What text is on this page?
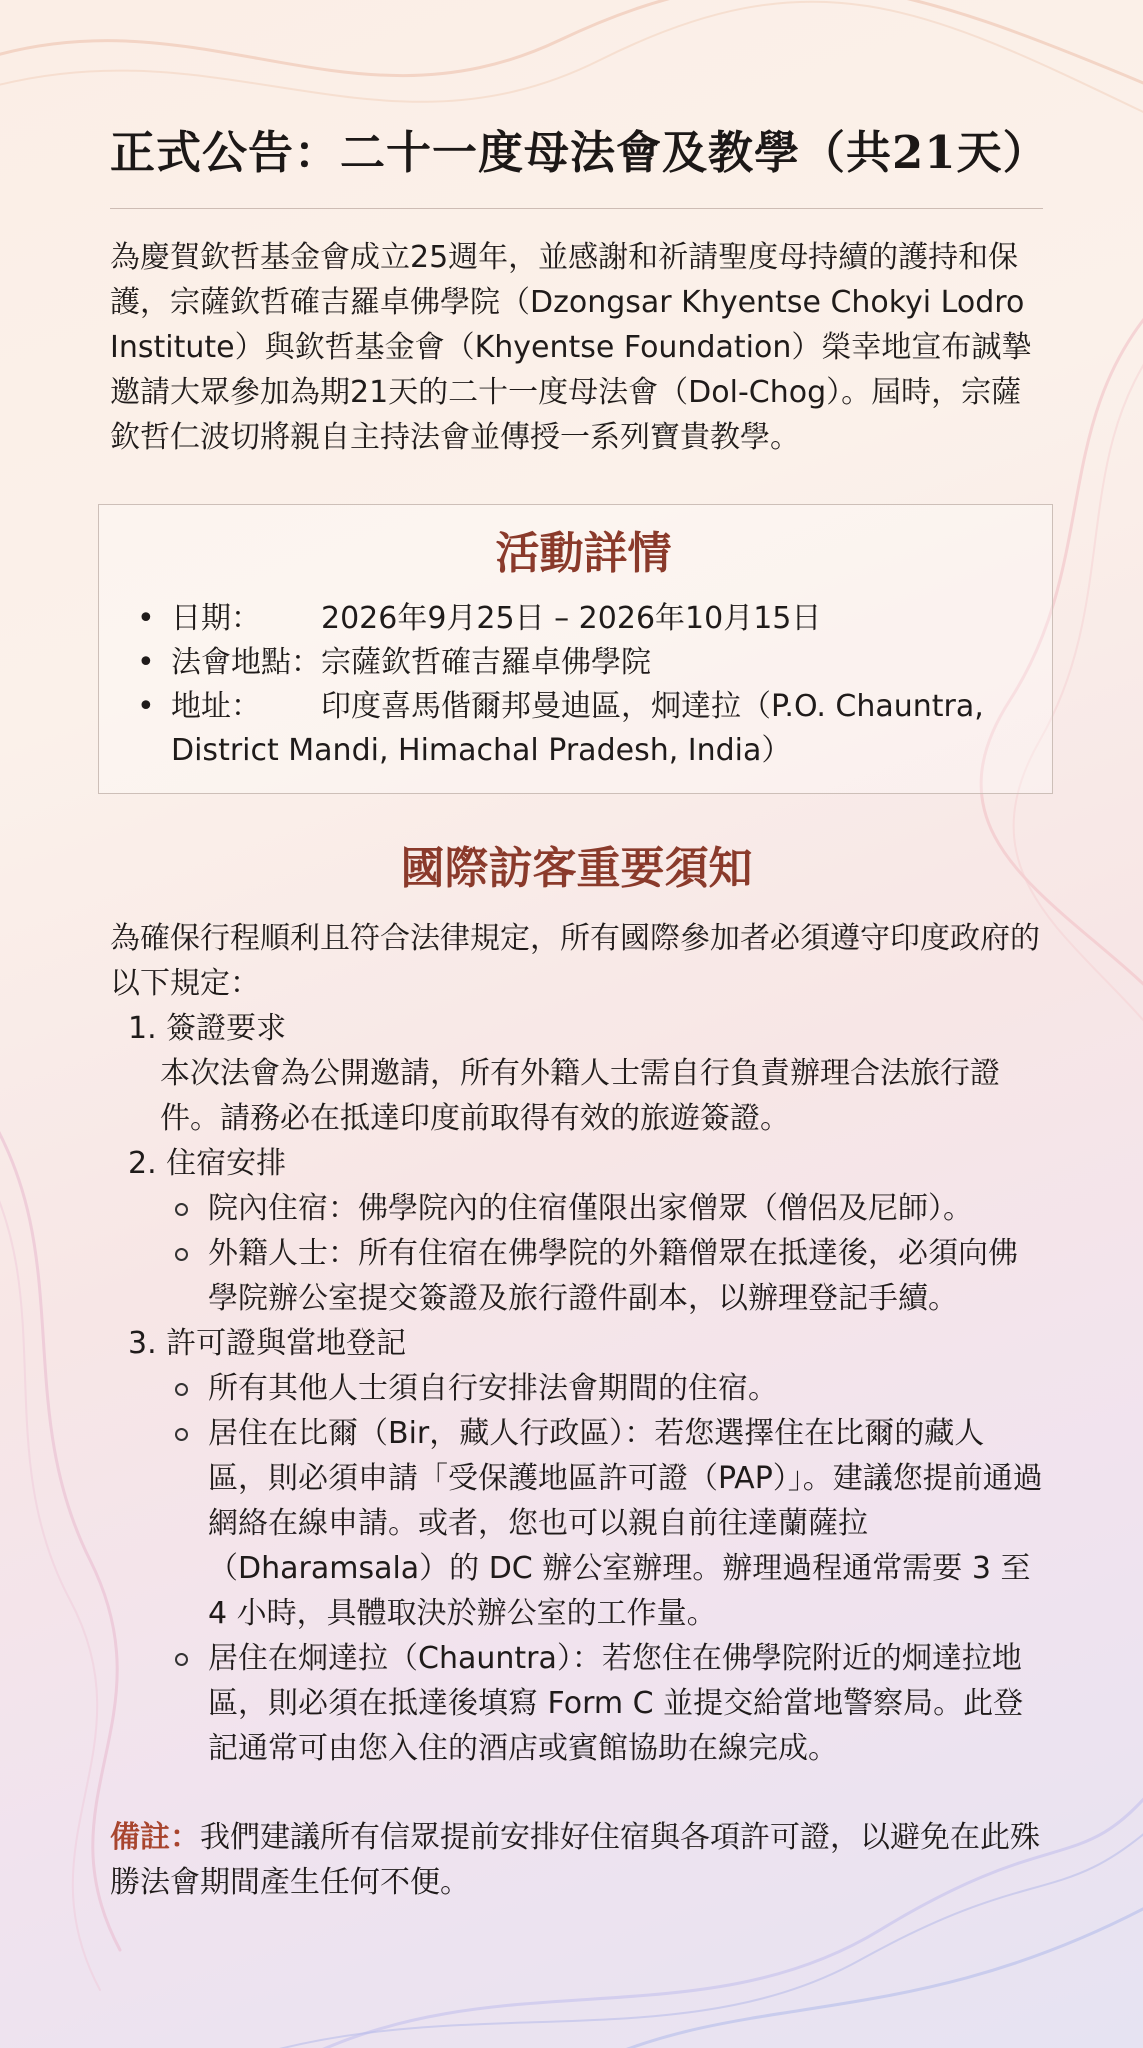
正式公告：二十一度母法會及教學（共21天）

為慶賀欽哲基金會成立25週年，並感謝和祈請聖度母持續的護持和保護，宗薩欽哲確吉羅卓佛學院（Dzongsar Khyentse Chokyi Lodro Institute）與欽哲基金會（Khyentse Foundation）榮幸地宣布誠摯邀請大眾參加為期21天的二十一度母法會（Dol-Chog）。屆時，宗薩欽哲仁波切將親自主持法會並傳授一系列寶貴教學。

活動詳情
• 日期： 2026年9月25日 – 2026年10月15日
• 法會地點：宗薩欽哲確吉羅卓佛學院
• 地址： 印度喜馬偕爾邦曼迪區，炯達拉（P.O. Chauntra, District Mandi, Himachal Pradesh, India）
國際訪客重要須知

為確保行程順利且符合法律規定，所有國際參加者必須遵守印度政府的以下規定：

1. 簽證要求
本次法會為公開邀請，所有外籍人士需自行負責辦理合法旅行證件。請務必在抵達印度前取得有效的旅遊簽證。
2. 住宿安排
院內住宿：佛學院內的住宿僅限出家僧眾（僧侶及尼師）。
外籍人士：所有住宿在佛學院的外籍僧眾在抵達後，必須向佛學院辦公室提交簽證及旅行證件副本，以辦理登記手續。
3. 許可證與當地登記
所有其他人士須自行安排法會期間的住宿。
居住在比爾（Bir，藏人行政區）：若您選擇住在比爾的藏人區，則必須申請「受保護地區許可證（PAP）」。建議您提前通過網絡在線申請。或者，您也可以親自前往達蘭薩拉（Dharamsala）的 DC 辦公室辦理。辦理過程通常需要 3 至 4 小時，具體取決於辦公室的工作量。
居住在炯達拉（Chauntra）：若您住在佛學院附近的炯達拉地區，則必須在抵達後填寫 Form C 並提交給當地警察局。此登記通常可由您入住的酒店或賓館協助在線完成。

備註：我們建議所有信眾提前安排好住宿與各項許可證，以避免在此殊勝法會期間產生任何不便。
